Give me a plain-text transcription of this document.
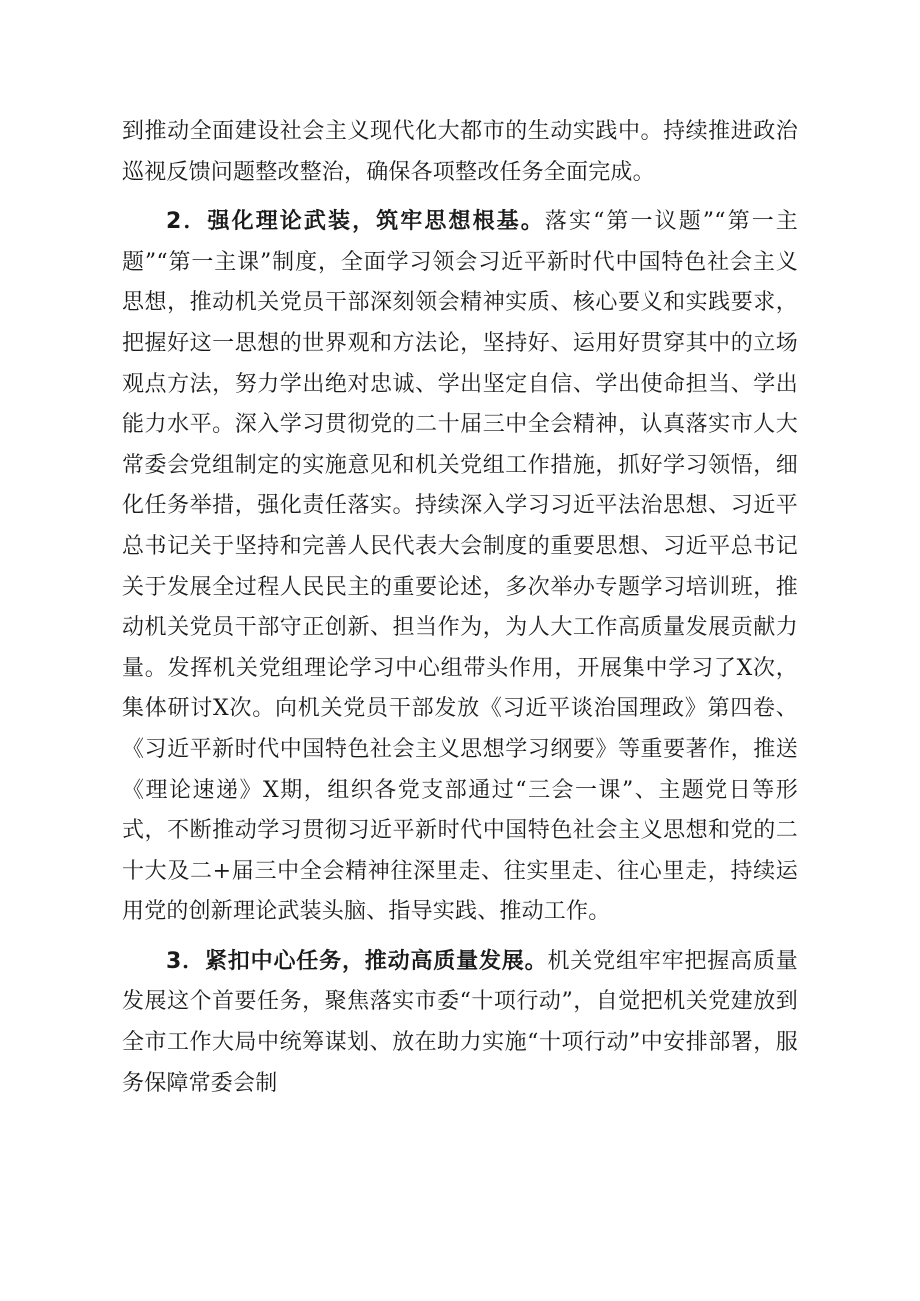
到推动全面建设社会主义现代化大都市的生动实践中。持续推进政治巡视反馈问题整改整治，确保各项整改任务全面完成。

2．强化理论武装，筑牢思想根基。落实“第一议题”“第一主题”“第一主课”制度，全面学习领会习近平新时代中国特色社会主义思想，推动机关党员干部深刻领会精神实质、核心要义和实践要求，把握好这一思想的世界观和方法论，坚持好、运用好贯穿其中的立场观点方法，努力学出绝对忠诚、学出坚定自信、学出使命担当、学出能力水平。深入学习贯彻党的二十届三中全会精神，认真落实市人大常委会党组制定的实施意见和机关党组工作措施，抓好学习领悟，细化任务举措，强化责任落实。持续深入学习习近平法治思想、习近平总书记关于坚持和完善人民代表大会制度的重要思想、习近平总书记关于发展全过程人民民主的重要论述，多次举办专题学习培训班，推动机关党员干部守正创新、担当作为，为人大工作高质量发展贡献力量。发挥机关党组理论学习中心组带头作用，开展集中学习了X次，集体研讨X次。向机关党员干部发放《习近平谈治国理政》第四卷、《习近平新时代中国特色社会主义思想学习纲要》等重要著作，推送《理论速递》X期，组织各党支部通过“三会一课”、主题党日等形式，不断推动学习贯彻习近平新时代中国特色社会主义思想和党的二十大及二+届三中全会精神往深里走、往实里走、往心里走，持续运用党的创新理论武装头脑、指导实践、推动工作。

3．紧扣中心任务，推动高质量发展。机关党组牢牢把握高质量发展这个首要任务，聚焦落实市委“十项行动”，自觉把机关党建放到全市工作大局中统筹谋划、放在助力实施“十项行动”中安排部署，服务保障常委会制
